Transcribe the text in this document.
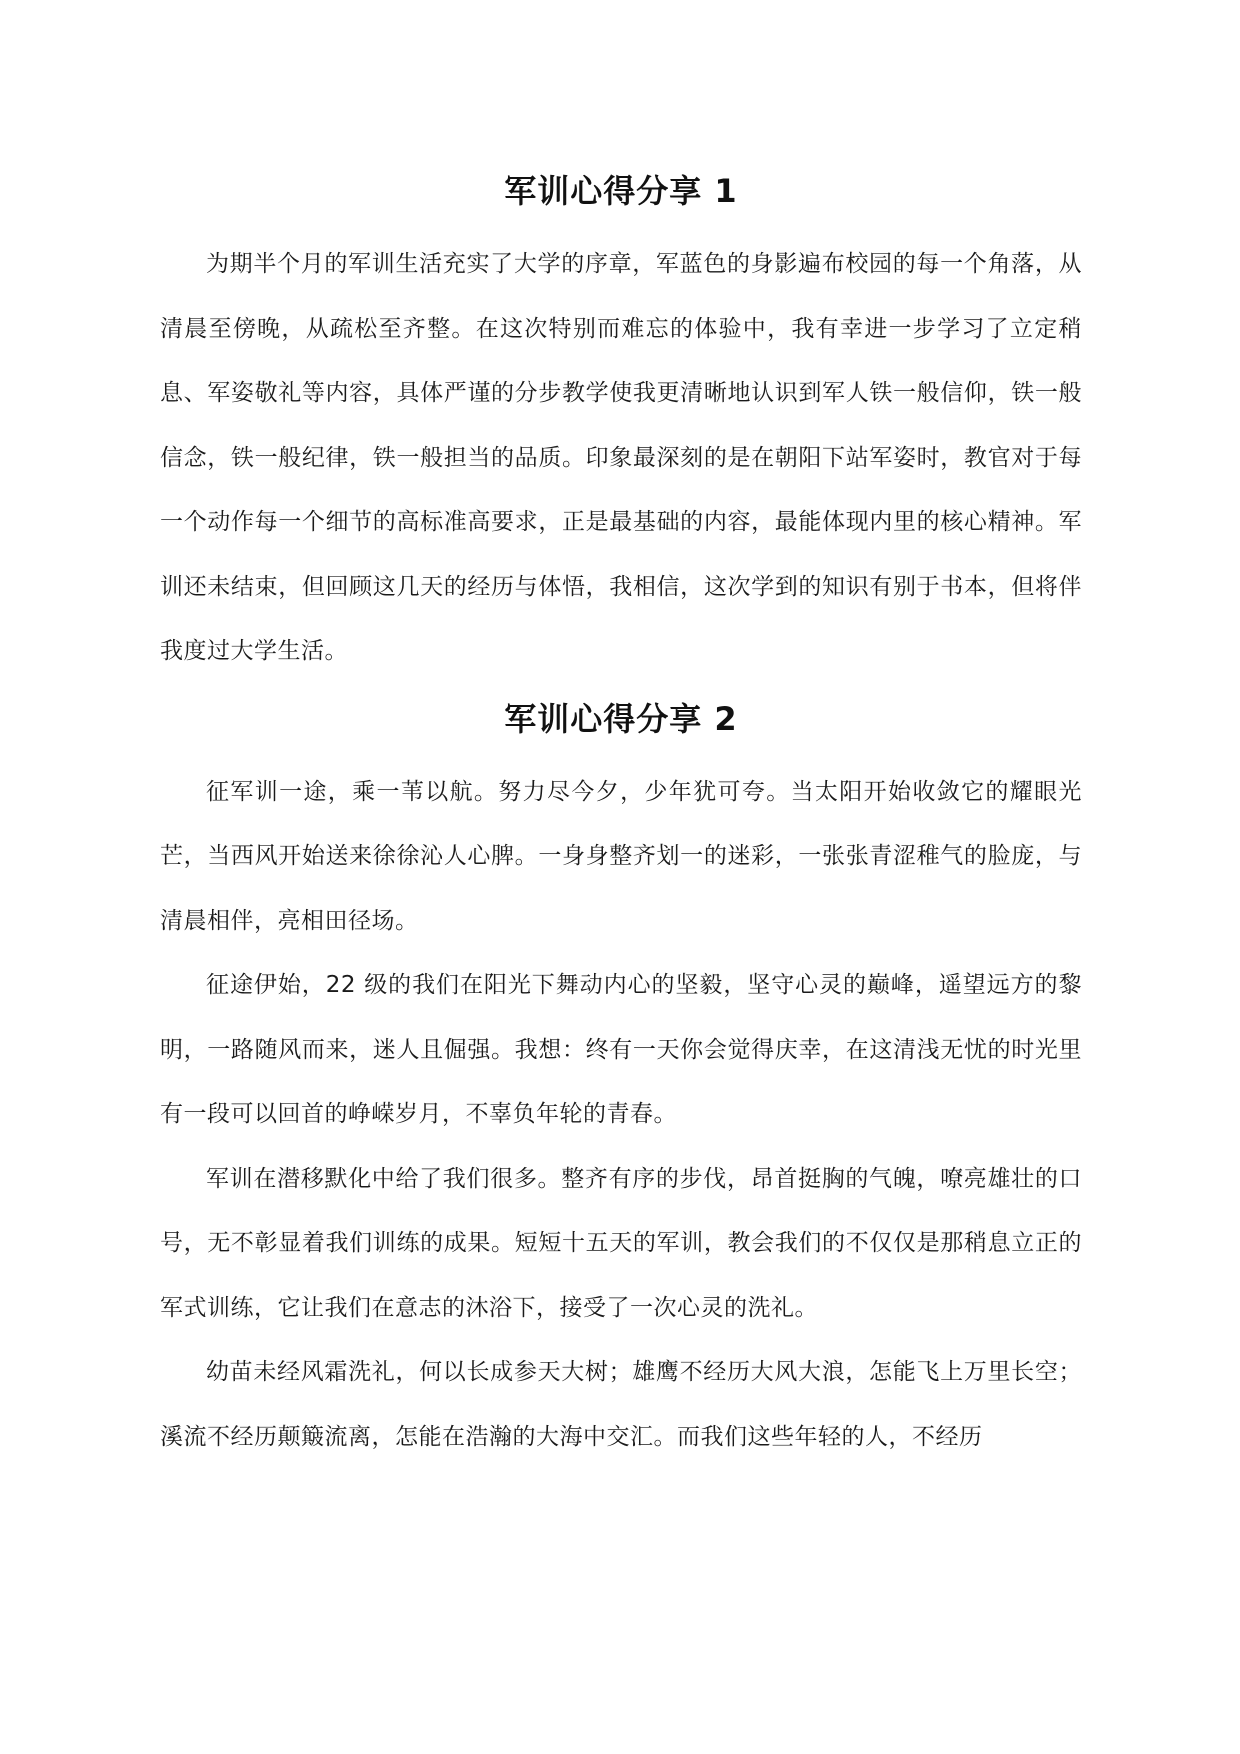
军训心得分享 1

为期半个月的军训生活充实了大学的序章，军蓝色的身影遍布校园的每一个角落，从清晨至傍晚，从疏松至齐整。在这次特别而难忘的体验中，我有幸进一步学习了立定稍息、军姿敬礼等内容，具体严谨的分步教学使我更清晰地认识到军人铁一般信仰，铁一般信念，铁一般纪律，铁一般担当的品质。印象最深刻的是在朝阳下站军姿时，教官对于每一个动作每一个细节的高标准高要求，正是最基础的内容，最能体现内里的核心精神。军训还未结束，但回顾这几天的经历与体悟，我相信，这次学到的知识有别于书本，但将伴我度过大学生活。

军训心得分享 2

征军训一途，乘一苇以航。努力尽今夕，少年犹可夸。当太阳开始收敛它的耀眼光芒，当西风开始送来徐徐沁人心脾。一身身整齐划一的迷彩，一张张青涩稚气的脸庞，与清晨相伴，亮相田径场。

征途伊始，22 级的我们在阳光下舞动内心的坚毅，坚守心灵的巅峰，遥望远方的黎明，一路随风而来，迷人且倔强。我想：终有一天你会觉得庆幸，在这清浅无忧的时光里有一段可以回首的峥嵘岁月，不辜负年轮的青春。

军训在潜移默化中给了我们很多。整齐有序的步伐，昂首挺胸的气魄，嘹亮雄壮的口号，无不彰显着我们训练的成果。短短十五天的军训，教会我们的不仅仅是那稍息立正的军式训练，它让我们在意志的沐浴下，接受了一次心灵的洗礼。

幼苗未经风霜洗礼，何以长成参天大树；雄鹰不经历大风大浪，怎能飞上万里长空；溪流不经历颠簸流离，怎能在浩瀚的大海中交汇。而我们这些年轻的人，不经历
